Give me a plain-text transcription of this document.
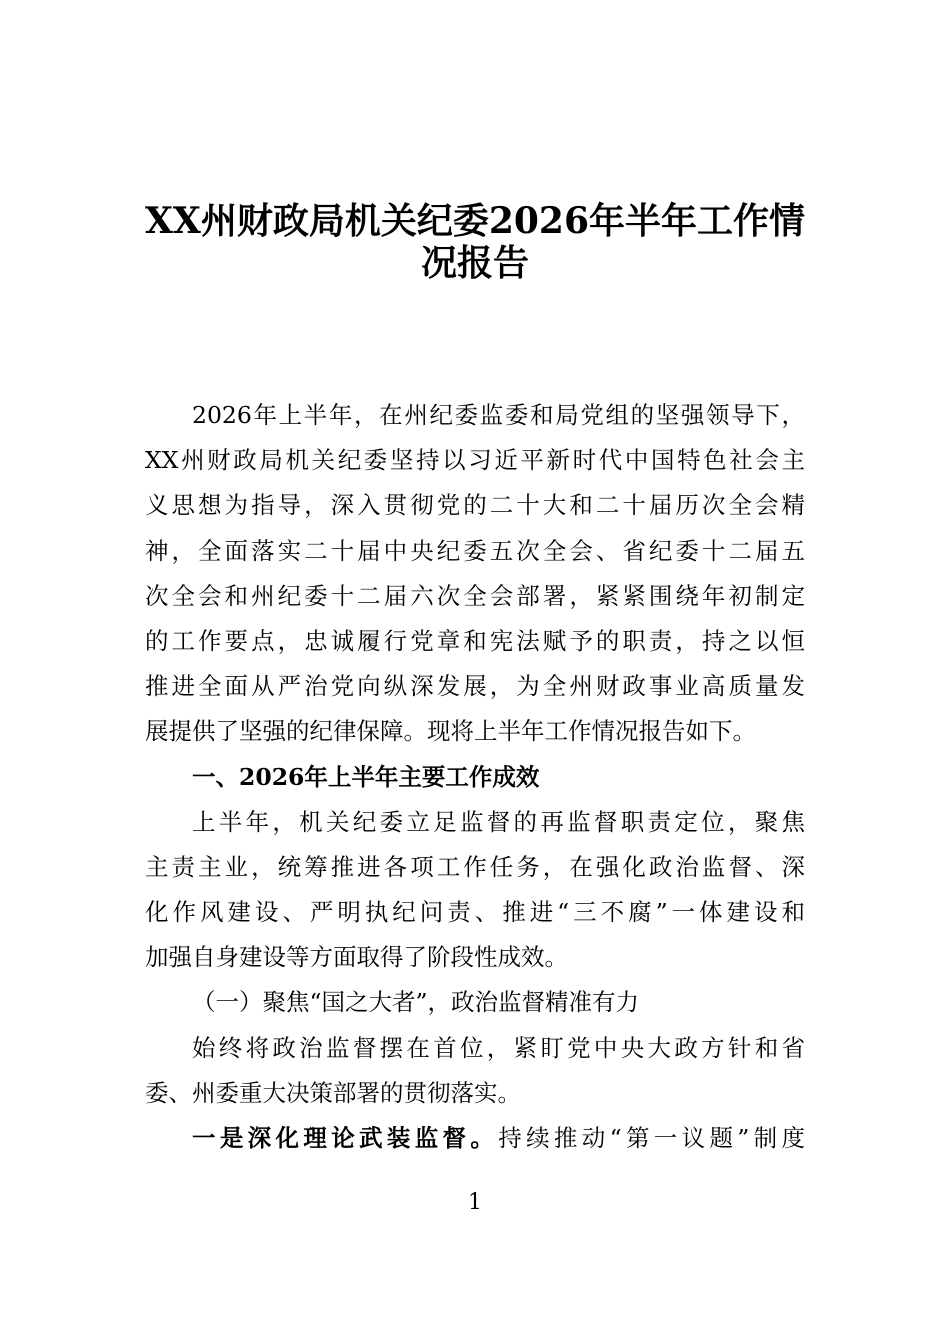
XX州财政局机关纪委2026年半年工作情
况报告
2026年上半年，在州纪委监委和局党组的坚强领导下，
XX州财政局机关纪委坚持以习近平新时代中国特色社会主
义思想为指导，深入贯彻党的二十大和二十届历次全会精
神，全面落实二十届中央纪委五次全会、省纪委十二届五
次全会和州纪委十二届六次全会部署，紧紧围绕年初制定
的工作要点，忠诚履行党章和宪法赋予的职责，持之以恒
推进全面从严治党向纵深发展，为全州财政事业高质量发
展提供了坚强的纪律保障。现将上半年工作情况报告如下。
一、2026年上半年主要工作成效
上半年，机关纪委立足监督的再监督职责定位，聚焦
主责主业，统筹推进各项工作任务，在强化政治监督、深
化作风建设、严明执纪问责、推进“三不腐”一体建设和
加强自身建设等方面取得了阶段性成效。
（一）聚焦“国之大者”，政治监督精准有力
始终将政治监督摆在首位，紧盯党中央大政方针和省
委、州委重大决策部署的贯彻落实。
一是深化理论武装监督。持续推动“第一议题”制度
1
